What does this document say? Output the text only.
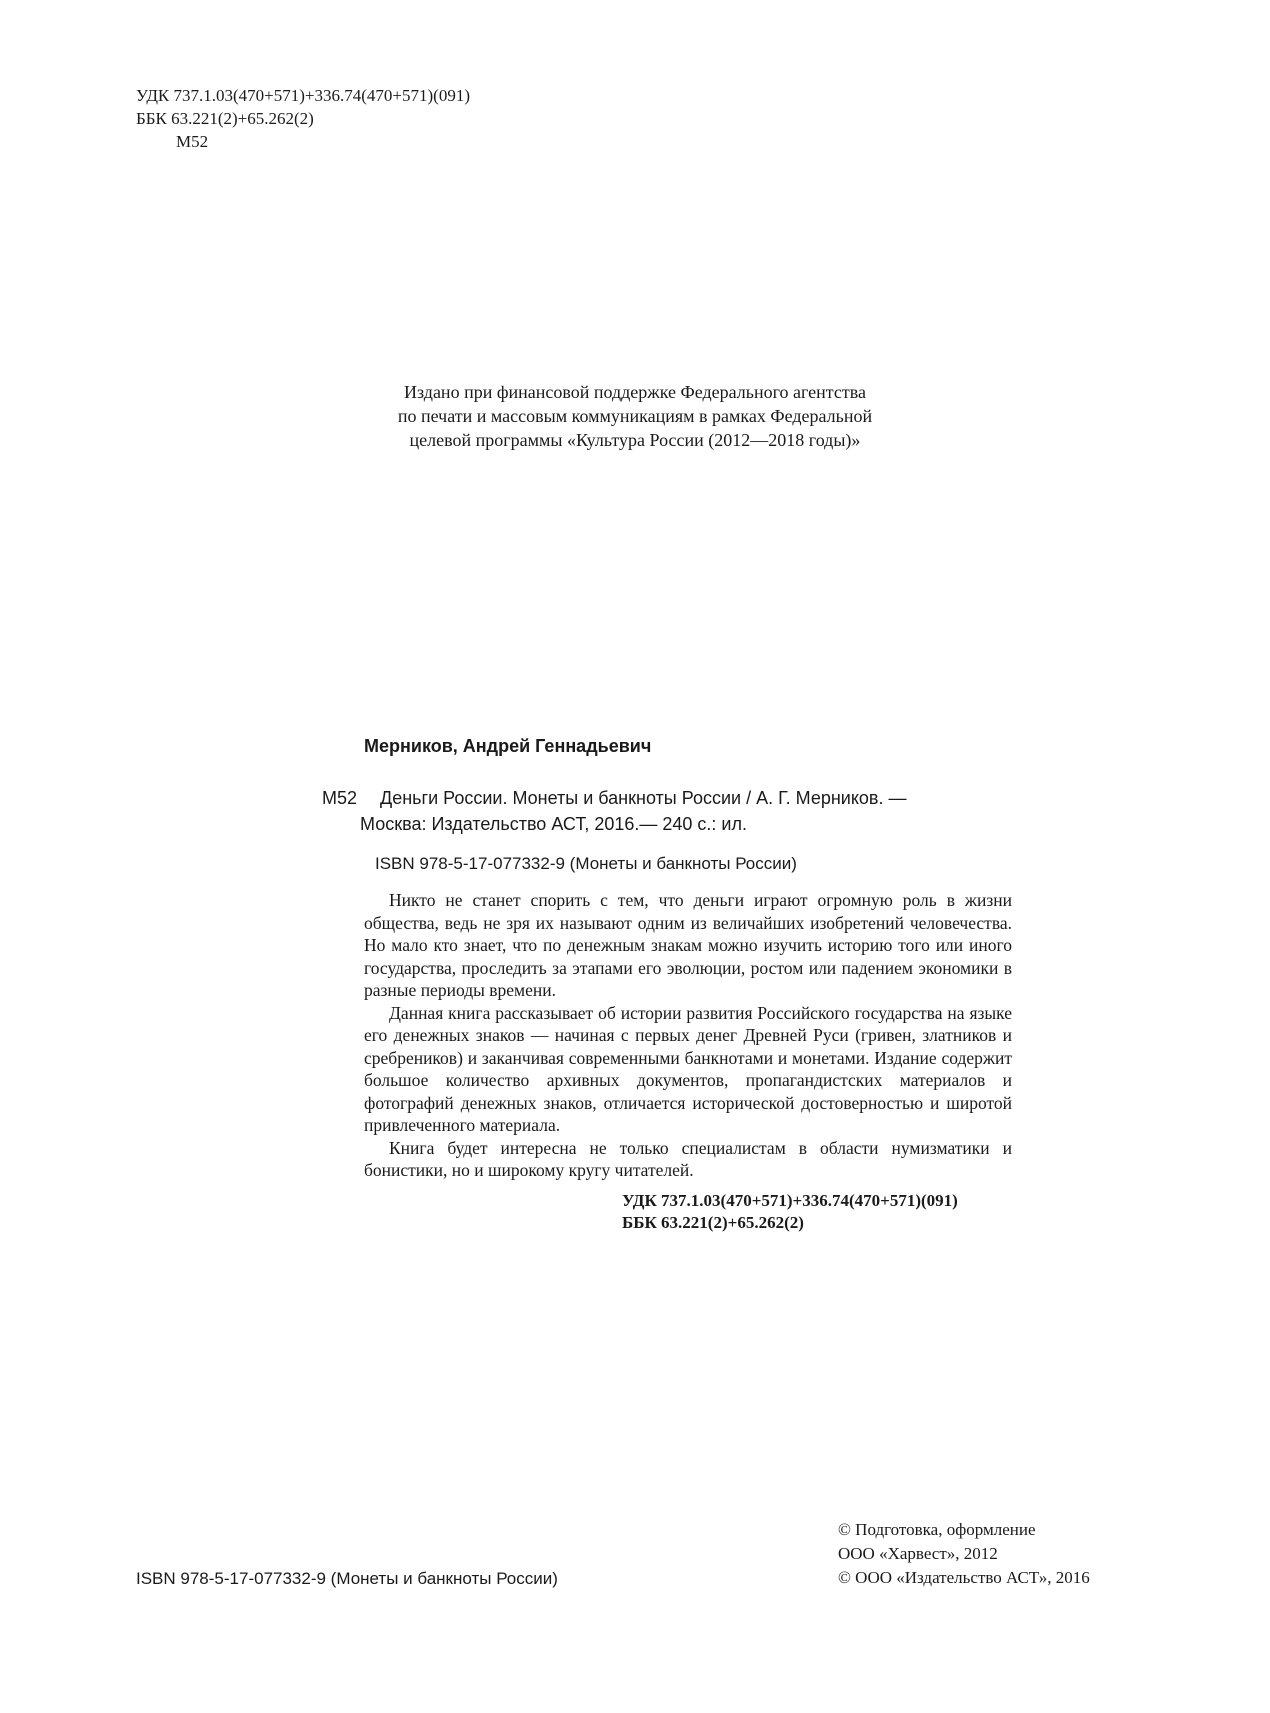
УДК 737.1.03(470+571)+336.74(470+571)(091)
ББК 63.221(2)+65.262(2)
М52
Издано при финансовой поддержке Федерального агентства
по печати и массовым коммуникациям в рамках Федеральной
целевой программы «Культура России (2012—2018 годы)»
Мерников, Андрей Геннадьевич
М52 Деньги России. Монеты и банкноты России / А. Г. Мерников. —
Москва: Издательство АСТ, 2016.— 240 с.: ил.
ISBN 978-5-17-077332-9 (Монеты и банкноты России)

Никто не станет спорить с тем, что деньги играют огромную роль в жизни общества, ведь не зря их называют одним из величайших изобретений человечества. Но мало кто знает, что по денежным знакам можно изучить историю того или иного государства, проследить за этапами его эволюции, ростом или падением экономики в разные периоды времени.

Данная книга рассказывает об истории развития Российского государства на языке его денежных знаков — начиная с первых денег Древней Руси (гривен, златников и сребреников) и заканчивая современными банкнотами и монетами. Издание содержит большое количество архивных документов, пропагандистских материалов и фотографий денежных знаков, отличается исторической достоверностью и широтой привлеченного материала.

Книга будет интересна не только специалистам в области нумизматики и бонистики, но и широкому кругу читателей.

УДК 737.1.03(470+571)+336.74(470+571)(091)
ББК 63.221(2)+65.262(2)
© Подготовка, оформление
ООО «Харвест», 2012
© ООО «Издательство АСТ», 2016
ISBN 978-5-17-077332-9 (Монеты и банкноты России)
